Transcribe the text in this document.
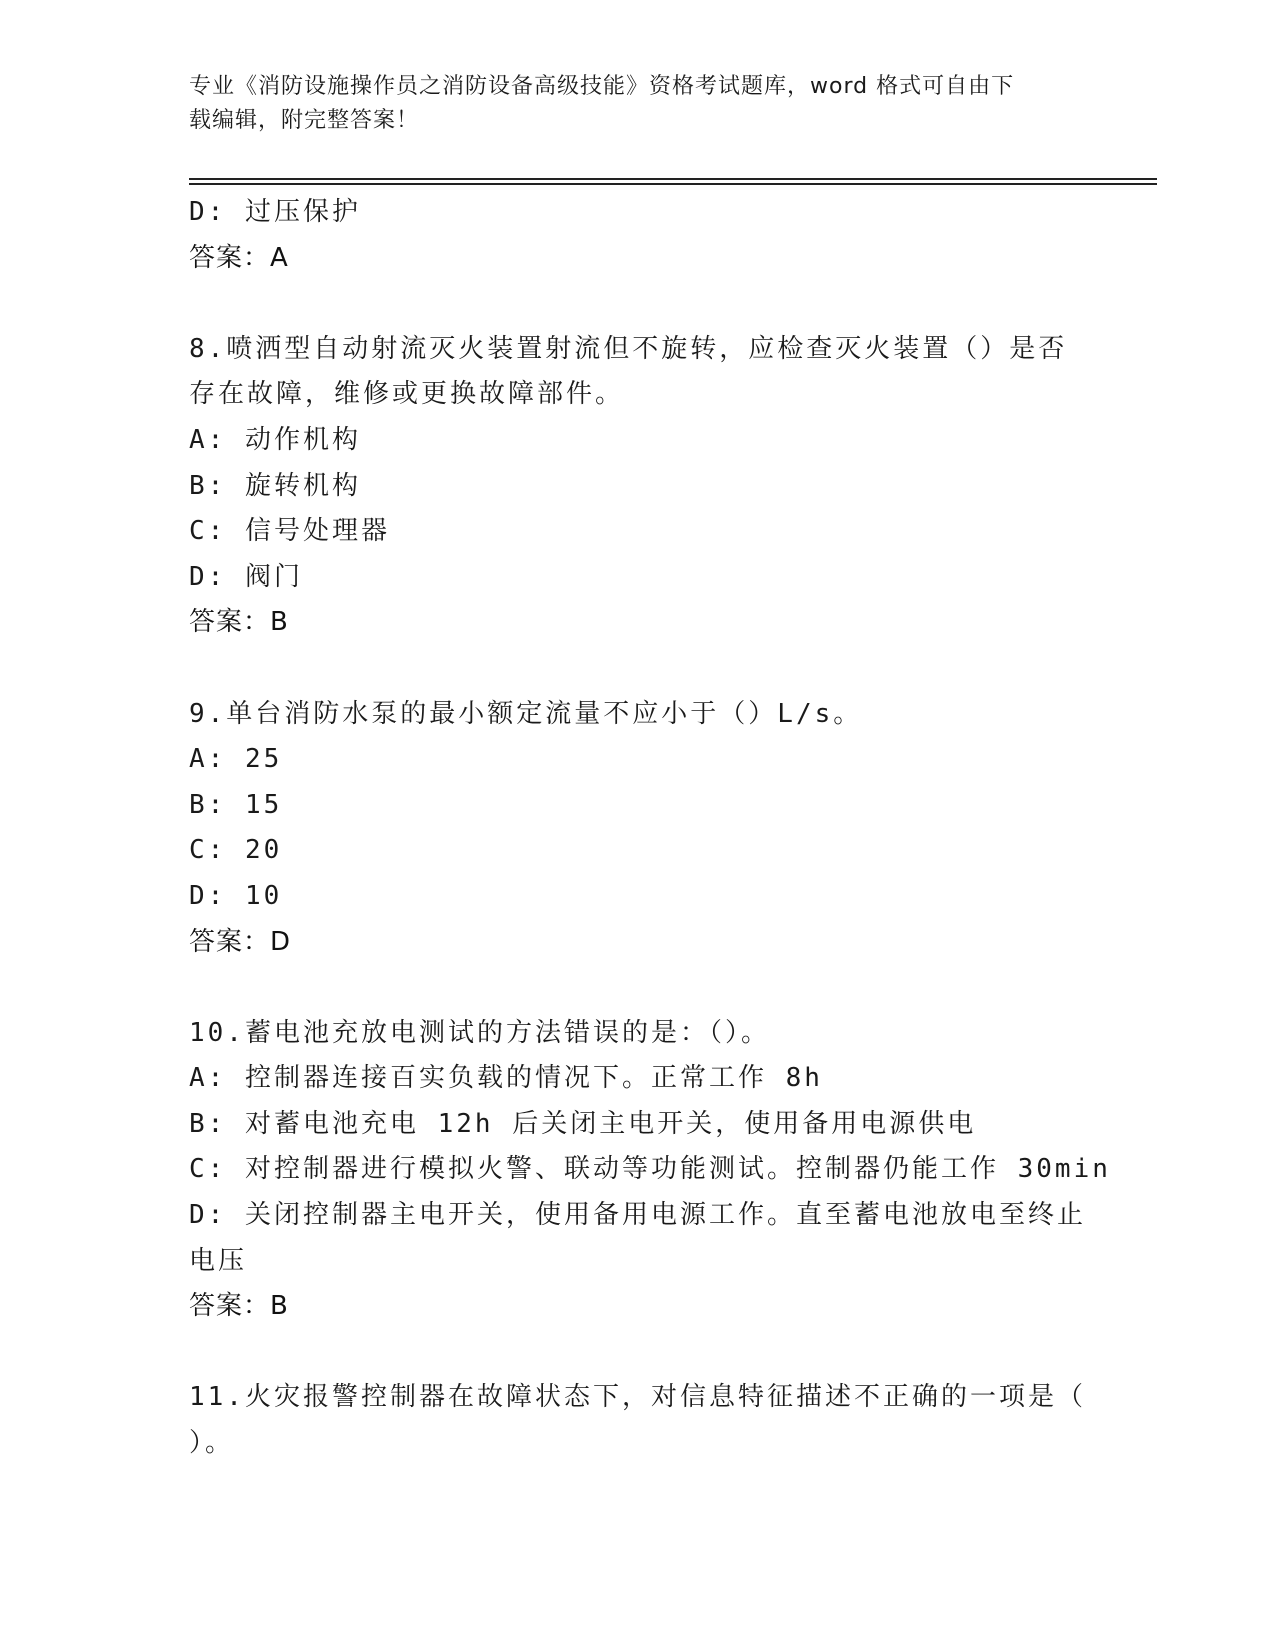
专业《消防设施操作员之消防设备高级技能》资格考试题库，word 格式可自由下
载编辑，附完整答案！
D: 过压保护
答案：A
8.喷洒型自动射流灭火装置射流但不旋转，应检查灭火装置（）是否
存在故障，维修或更换故障部件。
A: 动作机构
B: 旋转机构
C: 信号处理器
D: 阀门
答案：B
9.单台消防水泵的最小额定流量不应小于（）L/s。
A: 25
B: 15
C: 20
D: 10
答案：D
10.蓄电池充放电测试的方法错误的是：（）。
A: 控制器连接百实负载的情况下。正常工作 8h
B: 对蓄电池充电 12h 后关闭主电开关，使用备用电源供电
C: 对控制器进行模拟火警、联动等功能测试。控制器仍能工作 30min
D: 关闭控制器主电开关，使用备用电源工作。直至蓄电池放电至终止
电压
答案：B
11.火灾报警控制器在故障状态下，对信息特征描述不正确的一项是（
）。
